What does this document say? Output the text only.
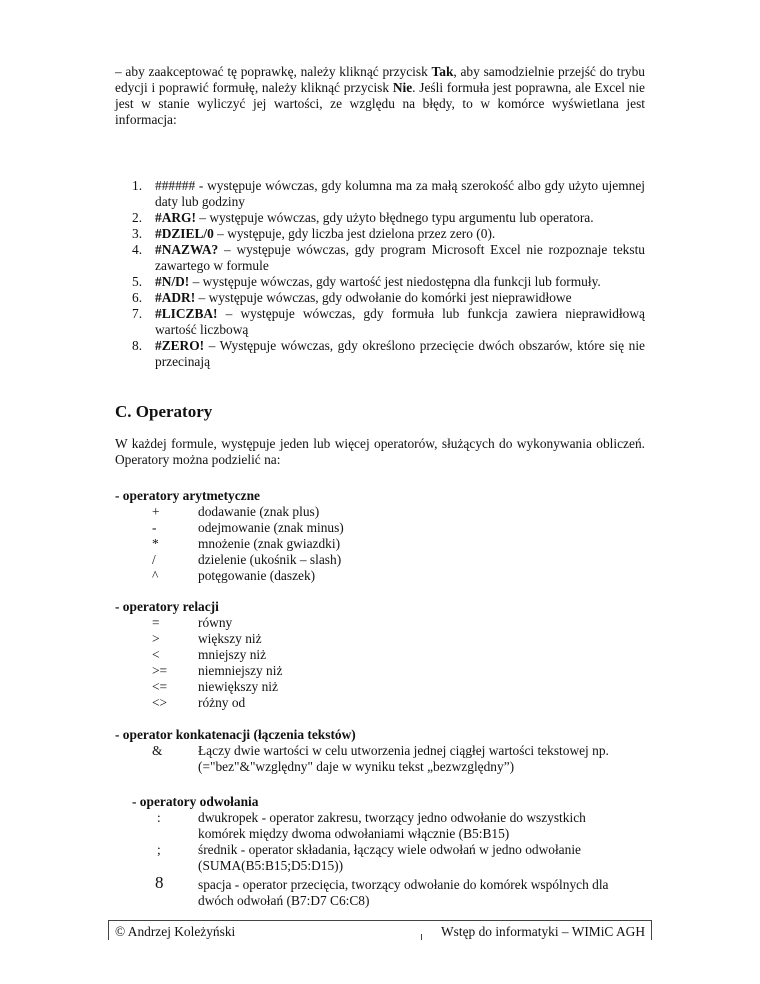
– aby zaakceptować tę poprawkę, należy kliknąć przycisk Tak, aby samodzielnie przejść do trybu edycji i poprawić formułę, należy kliknąć przycisk Nie. Jeśli formuła jest poprawna, ale Excel nie jest w stanie wyliczyć jej wartości, ze względu na błędy, to w komórce wyświetlana jest informacja:

1. ###### - występuje wówczas, gdy kolumna ma za małą szerokość albo gdy użyto ujemnej daty lub godziny
2. #ARG! – występuje wówczas, gdy użyto błędnego typu argumentu lub operatora.
3. #DZIEL/0 – występuje, gdy liczba jest dzielona przez zero (0).
4. #NAZWA? – występuje wówczas, gdy program Microsoft Excel nie rozpoznaje tekstu zawartego w formule
5. #N/D! – występuje wówczas, gdy wartość jest niedostępna dla funkcji lub formuły.
6. #ADR! – występuje wówczas, gdy odwołanie do komórki jest nieprawidłowe
7. #LICZBA! – występuje wówczas, gdy formuła lub funkcja zawiera nieprawidłową wartość liczbową
8. #ZERO! – Występuje wówczas, gdy określono przecięcie dwóch obszarów, które się nie przecinają
C. Operatory

W każdej formule, występuje jeden lub więcej operatorów, służących do wykonywania obliczeń. Operatory można podzielić na:

- operatory arytmetyczne
+	dodawanie (znak plus)
-	odejmowanie (znak minus)
*	mnożenie (znak gwiazdki)
/	dzielenie (ukośnik – slash)
^	potęgowanie (daszek)
- operatory relacji
=	równy
>	większy niż
<	mniejszy niż
>=	niemniejszy niż
<=	niewiększy niż
<>	różny od
- operator konkatenacji (łączenia tekstów)
&	Łączy dwie wartości w celu utworzenia jednej ciągłej wartości tekstowej np. (="bez"&"względny" daje w wyniku tekst „bezwzględny”)
- operatory odwołania
:	dwukropek - operator zakresu, tworzący jedno odwołanie do wszystkich komórek między dwoma odwołaniami włącznie (B5:B15)
;	średnik - operator składania, łączący wiele odwołań w jedno odwołanie (SUMA(B5:B15;D5:D15))
8	spacja - operator przecięcia, tworzący odwołanie do komórek wspólnych dla dwóch odwołań (B7:D7 C6:C8)
© Andrzej Koleżyński	Wstęp do informatyki – WIMiC AGH
